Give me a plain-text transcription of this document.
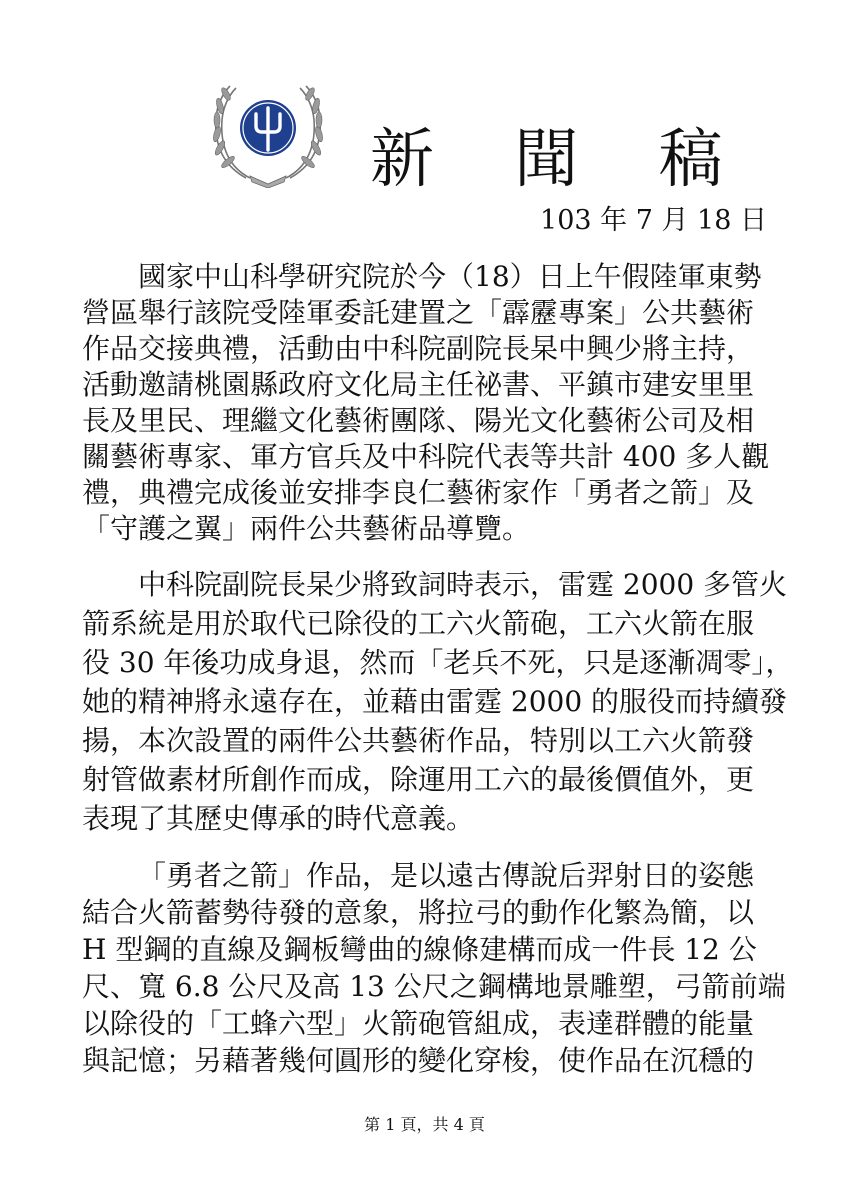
新 聞 稿
103 年 7 月 18 日
國家中山科學研究院於今（18）日上午假陸軍東勢
營區舉行該院受陸軍委託建置之「霹靂專案」公共藝術
作品交接典禮，活動由中科院副院長杲中興少將主持，
活動邀請桃園縣政府文化局主任祕書、平鎮市建安里里
長及里民、理繼文化藝術團隊、陽光文化藝術公司及相
關藝術專家、軍方官兵及中科院代表等共計 400 多人觀
禮，典禮完成後並安排李良仁藝術家作「勇者之箭」及
「守護之翼」兩件公共藝術品導覽。
中科院副院長杲少將致詞時表示，雷霆 2000 多管火
箭系統是用於取代已除役的工六火箭砲，工六火箭在服
役 30 年後功成身退，然而「老兵不死，只是逐漸凋零」，
她的精神將永遠存在，並藉由雷霆 2000 的服役而持續發
揚，本次設置的兩件公共藝術作品，特別以工六火箭發
射管做素材所創作而成，除運用工六的最後價值外，更
表現了其歷史傳承的時代意義。
「勇者之箭」作品，是以遠古傳說后羿射日的姿態
結合火箭蓄勢待發的意象，將拉弓的動作化繁為簡，以
H 型鋼的直線及鋼板彎曲的線條建構而成一件長 12 公
尺、寬 6.8 公尺及高 13 公尺之鋼構地景雕塑，弓箭前端
以除役的「工蜂六型」火箭砲管組成，表達群體的能量
與記憶；另藉著幾何圓形的變化穿梭，使作品在沉穩的
第 1 頁，共 4 頁
